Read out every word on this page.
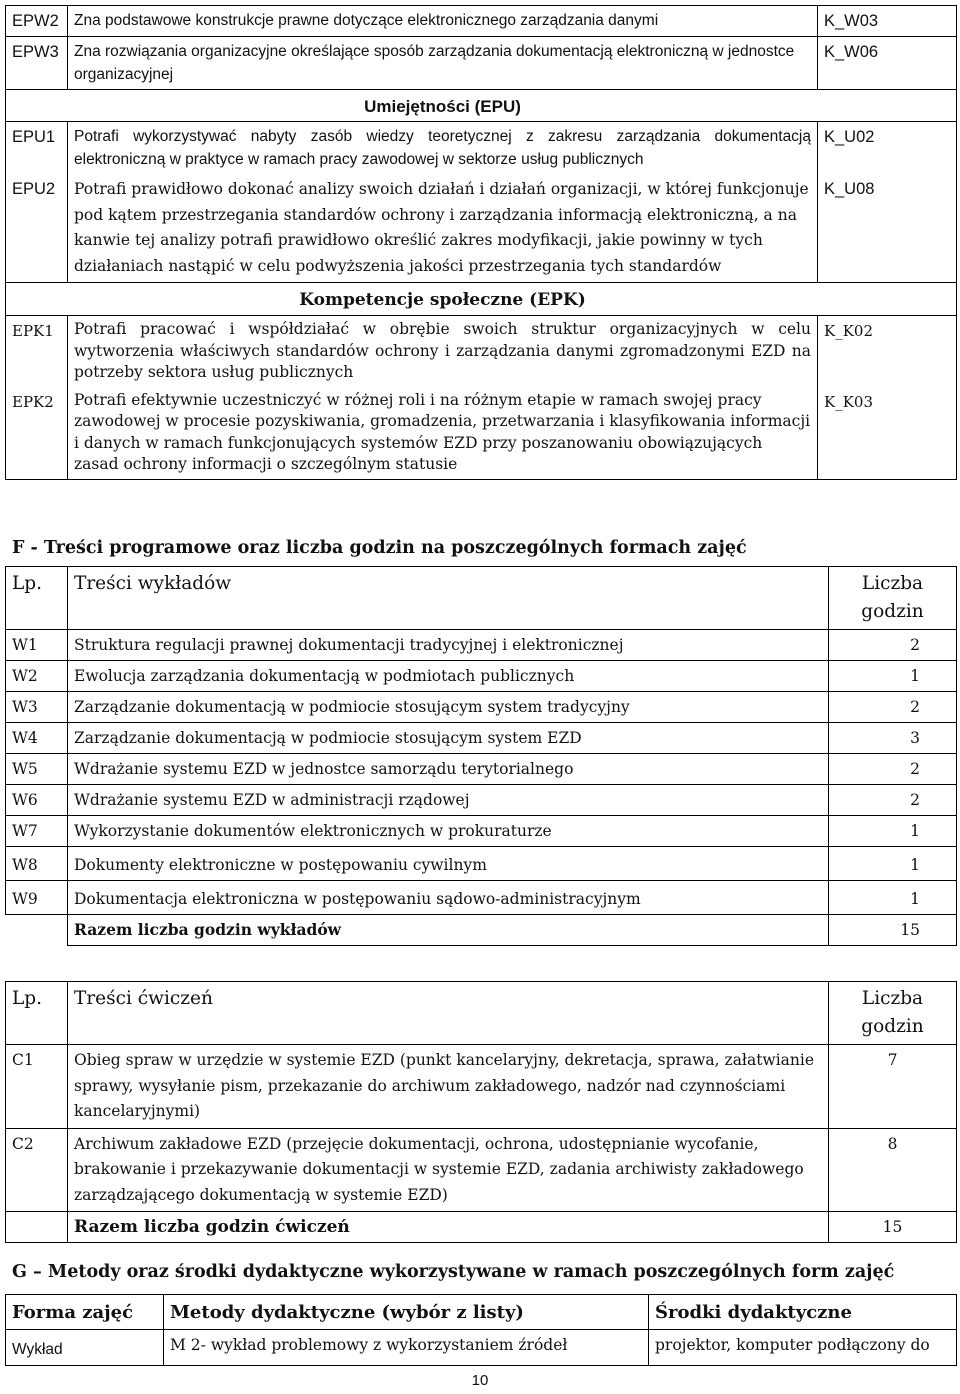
EPW2	Zna podstawowe konstrukcje prawne dotyczące elektronicznego zarządzania danymi	K_W03
EPW3	Zna rozwiązania organizacyjne określające sposób zarządzania dokumentacją elektroniczną w jednostce organizacyjnej	K_W06
	Umiejętności (EPU)	
EPU1	Potrafi wykorzystywać nabyty zasób wiedzy teoretycznej z zakresu zarządzania dokumentacją elektroniczną w praktyce w ramach pracy zawodowej w sektorze usług publicznych	K_U02
EPU2	Potrafi prawidłowo dokonać analizy swoich działań i działań organizacji, w której funkcjonuje pod kątem przestrzegania standardów ochrony i zarządzania informacją elektroniczną, a na kanwie tej analizy potrafi prawidłowo określić zakres modyfikacji, jakie powinny w tych działaniach nastąpić w celu podwyższenia jakości przestrzegania tych standardów	K_U08
	Kompetencje społeczne (EPK)	
EPK1	Potrafi pracować i współdziałać w obrębie swoich struktur organizacyjnych w celu wytworzenia właściwych standardów ochrony i zarządzania danymi zgromadzonymi EZD na potrzeby sektora usług publicznych	K_K02
EPK2	Potrafi efektywnie uczestniczyć w różnej roli i na różnym etapie w ramach swojej pracy zawodowej w procesie pozyskiwania, gromadzenia, przetwarzania i klasyfikowania informacji i danych w ramach funkcjonujących systemów EZD przy poszanowaniu obowiązujących zasad ochrony informacji o szczególnym statusie	K_K03
F - Treści programowe oraz liczba godzin na poszczególnych formach zajęć
Lp.	Treści wykładów	Liczba godzin
W1	Struktura regulacji prawnej dokumentacji tradycyjnej i elektronicznej	2
W2	Ewolucja zarządzania dokumentacją w podmiotach publicznych	1
W3	Zarządzanie dokumentacją w podmiocie stosującym system tradycyjny	2
W4	Zarządzanie dokumentacją w podmiocie stosującym system EZD	3
W5	Wdrażanie systemu EZD w jednostce samorządu terytorialnego	2
W6	Wdrażanie systemu EZD w administracji rządowej	2
W7	Wykorzystanie dokumentów elektronicznych w prokuraturze	1
W8	Dokumenty elektroniczne w postępowaniu cywilnym	1
W9	Dokumentacja elektroniczna w postępowaniu sądowo-administracyjnym	1
	Razem liczba godzin wykładów	15
Lp.	Treści ćwiczeń	Liczba godzin
C1	Obieg spraw w urzędzie w systemie EZD (punkt kancelaryjny, dekretacja, sprawa, załatwianie sprawy, wysyłanie pism, przekazanie do archiwum zakładowego, nadzór nad czynnościami kancelaryjnymi)	7
C2	Archiwum zakładowe EZD (przejęcie dokumentacji, ochrona, udostępnianie wycofanie, brakowanie i przekazywanie dokumentacji w systemie EZD, zadania archiwisty zakładowego zarządzającego dokumentacją w systemie EZD)	8
	Razem liczba godzin ćwiczeń	15
G – Metody oraz środki dydaktyczne wykorzystywane w ramach poszczególnych form zajęć
Forma zajęć	Metody dydaktyczne (wybór z listy)	Środki dydaktyczne
Wykład	M 2- wykład problemowy z wykorzystaniem źródeł	projektor, komputer podłączony do
10
